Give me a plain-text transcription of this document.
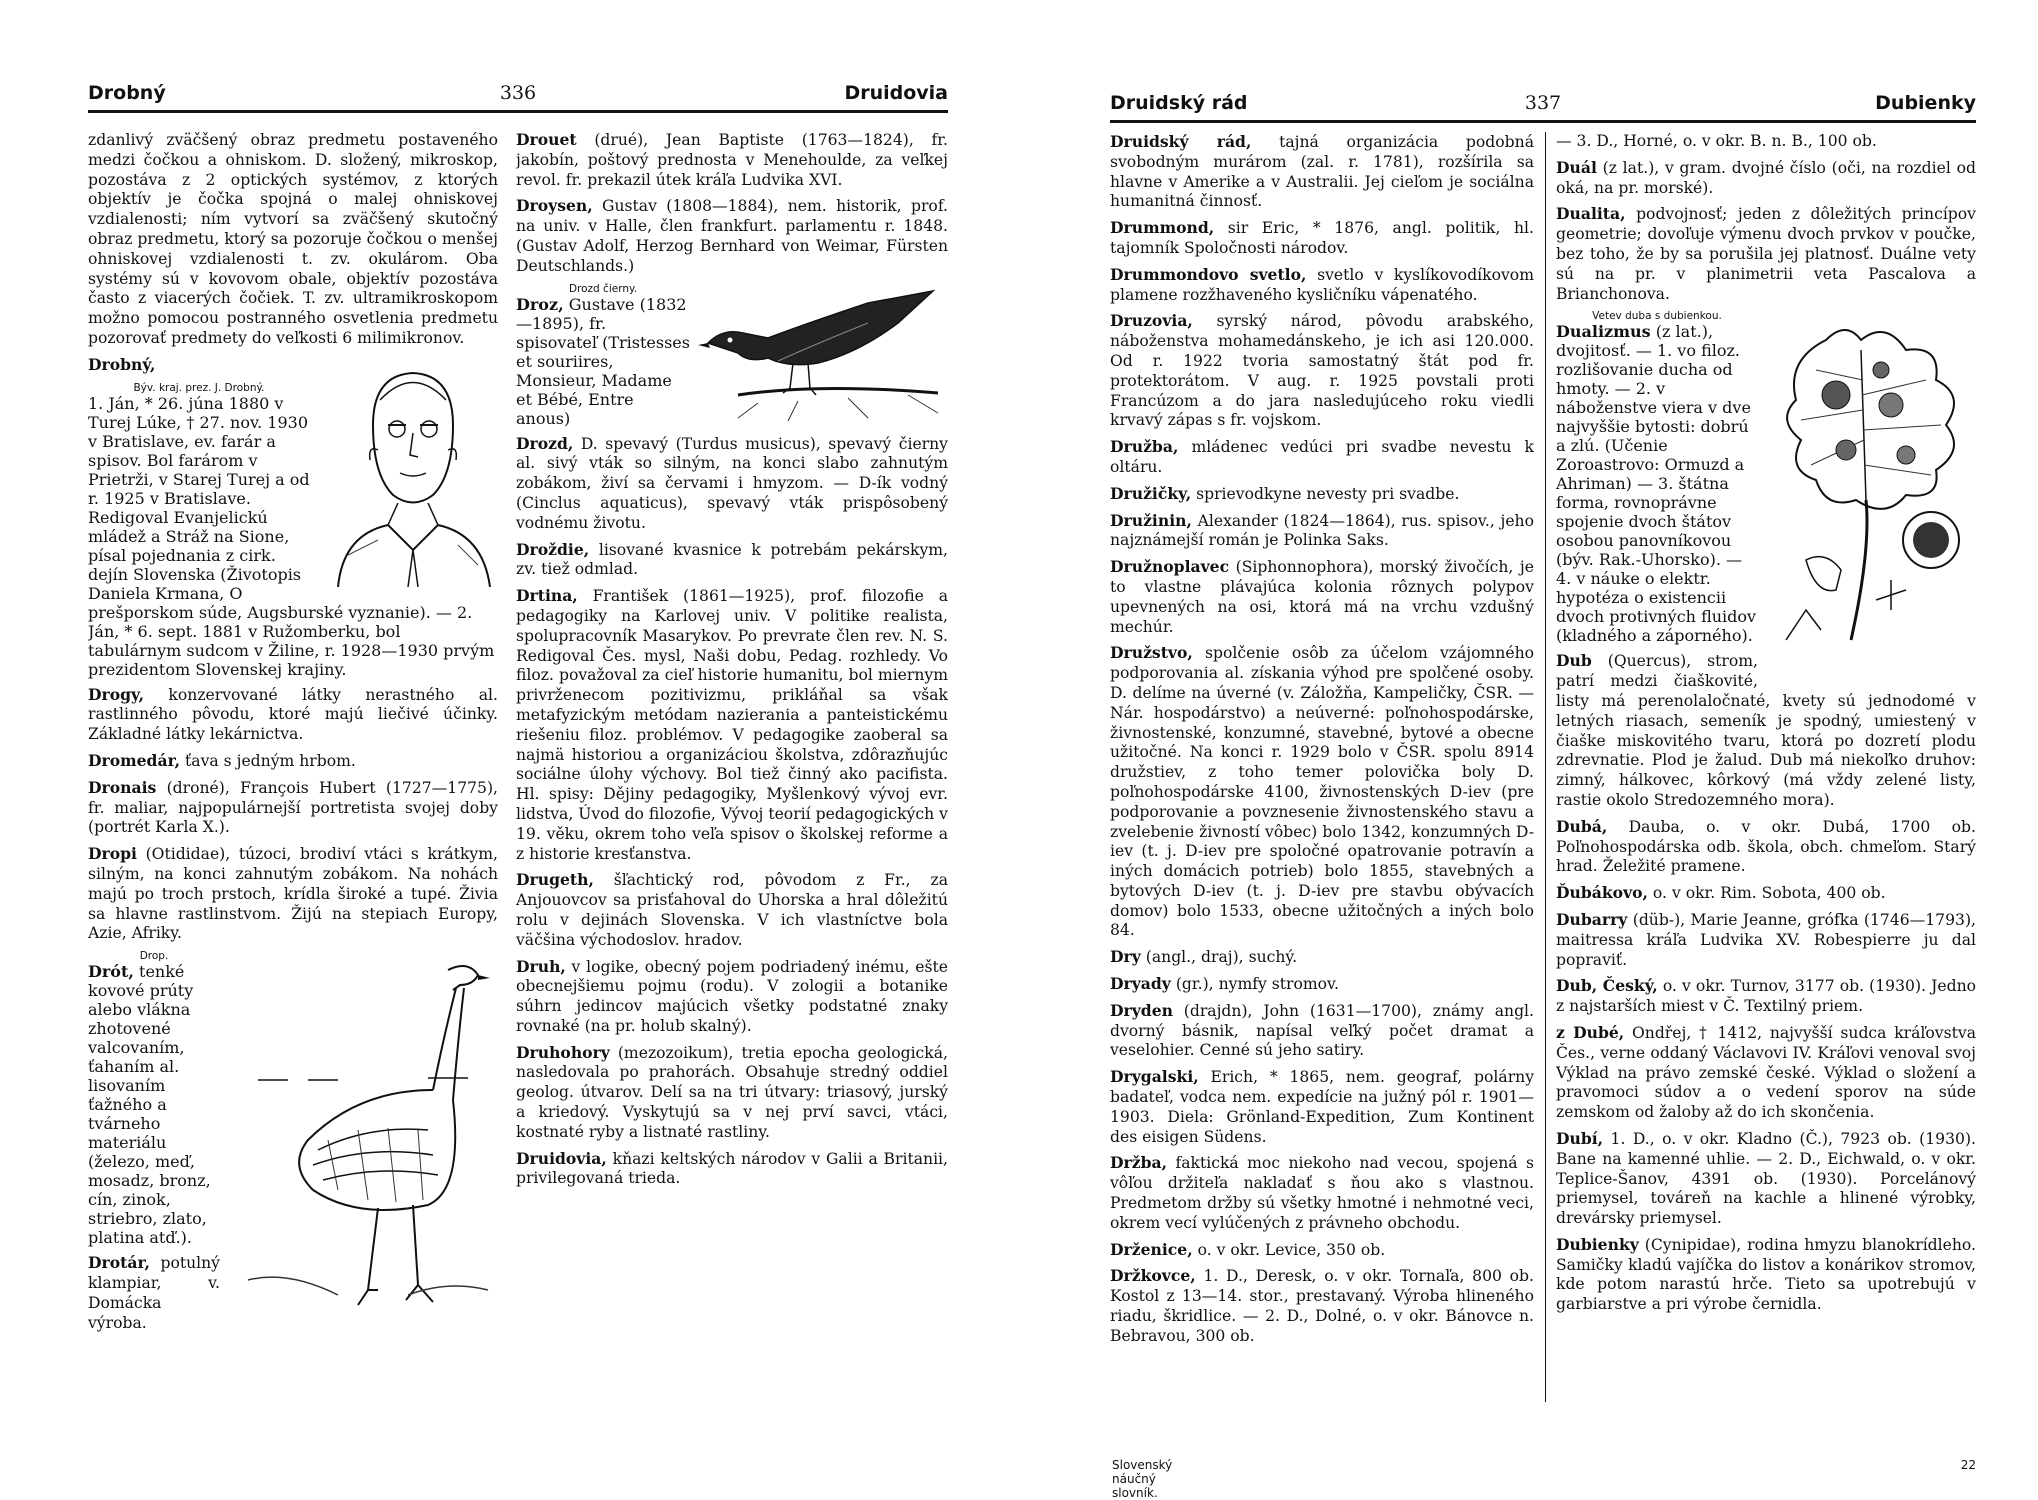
Drobný	336	Druidovia

zdanlivý zväčšený obraz predmetu postaveného medzi čočkou a ohniskom. D. složený, mikroskop, pozostáva z 2 optických systémov, z ktorých objektív je čočka spojná o malej ohniskovej vzdialenosti; ním vytvorí sa zväčšený skutočný obraz predmetu, ktorý sa pozoruje čočkou o menšej ohniskovej vzdialenosti t. zv. okulárom. Oba systémy sú v kovovom obale, objektív pozostáva často z viacerých čočiek. T. zv. ultramikroskopom možno pomocou postranného osvetlenia predmetu pozorovať predmety do veľkosti 6 milimikronov.

Drobný,

Býv. kraj. prez. J. Drobný.
1. Ján, * 26. júna 1880 v Turej Lúke, † 27. nov. 1930 v Bratislave, ev. farár a spisov. Bol farárom v Prietrži, v Starej Turej a od r. 1925 v Bratislave. Redigoval Evanjelickú mládež a Stráž na Sione, písal pojednania z cirk. dejín Slovenska (Životopis Daniela Krmana, O prešporskom súde, Augsburské vyznanie). — 2. Ján, * 6. sept. 1881 v Ružomberku, bol tabulárnym sudcom v Žiline, r. 1928—1930 prvým prezidentom Slovenskej krajiny.

Drogy, konzervované látky nerastného al. rastlinného pôvodu, ktoré majú liečivé účinky. Základné látky lekárnictva.

Dromedár, ťava s jedným hrbom.

Dronais (droné), François Hubert (1727—1775), fr. maliar, najpopulárnejší portretista svojej doby (portrét Karla X.).

Dropi (Otididae), túzoci, brodiví vtáci s krátkym, silným, na konci zahnutým zobákom. Na nohách majú po troch prstoch, krídla široké a tupé. Živia sa hlavne rastlinstvom. Žijú na stepiach Europy, Azie, Afriky.

Drop.
Drót, tenké kovové prúty alebo vlákna zhotovené valcovaním, ťahaním al. lisovaním ťažného a tvárneho materiálu (železo, meď, mosadz, bronz, cín, zinok, striebro, zlato, platina atď.).

Drotár, potulný klampiar, v. Domácka výroba.

Drouet (drué), Jean Baptiste (1763—1824), fr. jakobín, poštový prednosta v Menehoulde, za veľkej revol. fr. prekazil útek kráľa Ludvika XVI.

Droysen, Gustav (1808—1884), nem. historik, prof. na univ. v Halle, člen frankfurt. parlamentu r. 1848. (Gustav Adolf, Herzog Bernhard von Weimar, Fürsten Deutschlands.)

Drozd čierny.
Droz, Gustave (1832—1895), fr. spisovateľ (Tristesses et souriires, Monsieur, Madame et Bébé, Entre anous)

Drozd, D. spevavý (Turdus musicus), spevavý čierny al. sivý vták so silným, na konci slabo zahnutým zobákom, živí sa červami i hmyzom. — D-ík vodný (Cinclus aquaticus), spevavý vták prispôsobený vodnému životu.

Droždie, lisované kvasnice k potrebám pekárskym, zv. tiež odmlad.

Drtina, František (1861—1925), prof. filozofie a pedagogiky na Karlovej univ. V politike realista, spolupracovník Masarykov. Po prevrate člen rev. N. S. Redigoval Čes. mysl, Naši dobu, Pedag. rozhledy. Vo filoz. považoval za cieľ historie humanitu, bol miernym privrženecom pozitivizmu, prikláňal sa však metafyzickým metódam nazierania a panteistickému riešeniu filoz. problémov. V pedagogike zaoberal sa najmä historiou a organizáciou školstva, zdôrazňujúc sociálne úlohy výchovy. Bol tiež činný ako pacifista. Hl. spisy: Dějiny pedagogiky, Myšlenkový vývoj evr. lidstva, Úvod do filozofie, Vývoj teorií pedagogických v 19. věku, okrem toho veľa spisov o školskej reforme a z historie kresťanstva.

Drugeth, šľachtický rod, pôvodom z Fr., za Anjouovcov sa prisťahoval do Uhorska a hral dôležitú rolu v dejinách Slovenska. V ich vlastníctve bola väčšina východoslov. hradov.

Druh, v logike, obecný pojem podriadený inému, ešte obecnejšiemu pojmu (rodu). V zologii a botanike súhrn jedincov majúcich všetky podstatné znaky rovnaké (na pr. holub skalný).

Druhohory (mezozoikum), tretia epocha geologická, nasledovala po prahorách. Obsahuje stredný oddiel geolog. útvarov. Delí sa na tri útvary: triasový, jurský a kriedový. Vyskytujú sa v nej prví savci, vtáci, kostnaté ryby a listnaté rastliny.

Druidovia, kňazi keltských národov v Galii a Britanii, privilegovaná trieda.

Druidský rád	337	Dubienky

Druidský rád, tajná organizácia podobná svobodným murárom (zal. r. 1781), rozšírila sa hlavne v Amerike a v Australii. Jej cieľom je sociálna humanitná činnosť.

Drummond, sir Eric, * 1876, angl. politik, hl. tajomník Spoločnosti národov.

Drummondovo svetlo, svetlo v kyslíkovodíkovom plamene rozžhaveného kysličníku vápenatého.

Druzovia, syrský národ, pôvodu arabského, náboženstva mohamedánskeho, je ich asi 120.000. Od r. 1922 tvoria samostatný štát pod fr. protektorátom. V aug. r. 1925 povstali proti Francúzom a do jara nasledujúceho roku viedli krvavý zápas s fr. vojskom.

Družba, mládenec vedúci pri svadbe nevestu k oltáru.

Družičky, sprievodkyne nevesty pri svadbe.

Družinin, Alexander (1824—1864), rus. spisov., jeho najznámejší román je Polinka Saks.

Družnoplavec (Siphonnophora), morský živočích, je to vlastne plávajúca kolonia rôznych polypov upevnených na osi, ktorá má na vrchu vzdušný mechúr.

Družstvo, spolčenie osôb za účelom vzájomného podporovania al. získania výhod pre spolčené osoby. D. delíme na úverné (v. Záložňa, Kampeličky, ČSR. — Nár. hospodárstvo) a neúverné: poľnohospodárske, živnostenské, konzumné, stavebné, bytové a obecne užitočné. Na konci r. 1929 bolo v ČSR. spolu 8914 družstiev, z toho temer polovička boly D. poľnohospodárske 4100, živnostenských D-iev (pre podporovanie a povznesenie živnostenského stavu a zvelebenie živností vôbec) bolo 1342, konzumných D-iev (t. j. D-iev pre spoločné opatrovanie potravín a iných domácich potrieb) bolo 1855, stavebných a bytových D-iev (t. j. D-iev pre stavbu obývacích domov) bolo 1533, obecne užitočných a iných bolo 84.

Dry (angl., draj), suchý.

Dryady (gr.), nymfy stromov.

Dryden (drajdn), John (1631—1700), známy angl. dvorný básnik, napísal veľký počet dramat a veselohier. Cenné sú jeho satiry.

Drygalski, Erich, * 1865, nem. geograf, polárny badateľ, vodca nem. expedície na južný pól r. 1901—1903. Diela: Grönland-Expedition, Zum Kontinent des eisigen Südens.

Držba, faktická moc niekoho nad vecou, spojená s vôľou držiteľa nakladať s ňou ako s vlastnou. Predmetom držby sú všetky hmotné i nehmotné veci, okrem vecí vylúčených z právneho obchodu.

Drženice, o. v okr. Levice, 350 ob.

Držkovce, 1. D., Deresk, o. v okr. Tornaľa, 800 ob. Kostol z 13—14. stor., prestavaný. Výroba hlineného riadu, škridlice. — 2. D., Dolné, o. v okr. Bánovce n. Bebravou, 300 ob.

— 3. D., Horné, o. v okr. B. n. B., 100 ob.

Duál (z lat.), v gram. dvojné číslo (oči, na rozdiel od oká, na pr. morské).

Dualita, podvojnosť; jeden z dôležitých princípov geometrie; dovoľuje výmenu dvoch prvkov v poučke, bez toho, že by sa porušila jej platnosť. Duálne vety sú na pr. v planimetrii veta Pascalova a Brianchonova.

Vetev duba s dubienkou.
Dualizmus (z lat.), dvojitosť. — 1. vo filoz. rozlišovanie ducha od hmoty. — 2. v náboženstve viera v dve najvyššie bytosti: dobrú a zlú. (Učenie Zoroastrovo: Ormuzd a Ahriman) — 3. štátna forma, rovnoprávne spojenie dvoch štátov osobou panovníkovou (býv. Rak.-Uhorsko). — 4. v náuke o elektr. hypotéza o existencii dvoch protivných fluidov (kladného a záporného).

Dub (Quercus), strom, patrí medzi čiaškovité, listy má perenolaločnaté, kvety sú jednodomé v letných riasach, semeník je spodný, umiestený v čiaške miskovitého tvaru, ktorá po dozretí plodu zdrevnatie. Plod je žalud. Dub má niekoľko druhov: zimný, hálkovec, kôrkový (má vždy zelené listy, rastie okolo Stredozemného mora).

Dubá, Dauba, o. v okr. Dubá, 1700 ob. Poľnohospodárska odb. škola, obch. chmeľom. Starý hrad. Želežité pramene.

Ďubákovo, o. v okr. Rim. Sobota, 400 ob.

Dubarry (düb-), Marie Jeanne, grófka (1746—1793), maitressa kráľa Ludvika XV. Robespierre ju dal popraviť.

Dub, Český, o. v okr. Turnov, 3177 ob. (1930). Jedno z najstarších miest v Č. Textilný priem.

z Dubé, Ondřej, † 1412, najvyšší sudca kráľovstva Čes., verne oddaný Václavovi IV. Kráľovi venoval svoj Výklad na právo zemské české. Výklad o složení a pravomoci súdov a o vedení sporov na súde zemskom od žaloby až do ich skončenia.

Dubí, 1. D., o. v okr. Kladno (Č.), 7923 ob. (1930). Bane na kamenné uhlie. — 2. D., Eichwald, o. v okr. Teplice-Šanov, 4391 ob. (1930). Porcelánový priemysel, továreň na kachle a hlinené výrobky, drevársky priemysel.

Dubienky (Cynipidae), rodina hmyzu blanokrídleho. Samičky kladú vajíčka do listov a konárikov stromov, kde potom narastú hrče. Tieto sa upotrebujú v garbiarstve a pri výrobe černidla.

Slovenský náučný slovník.
22
